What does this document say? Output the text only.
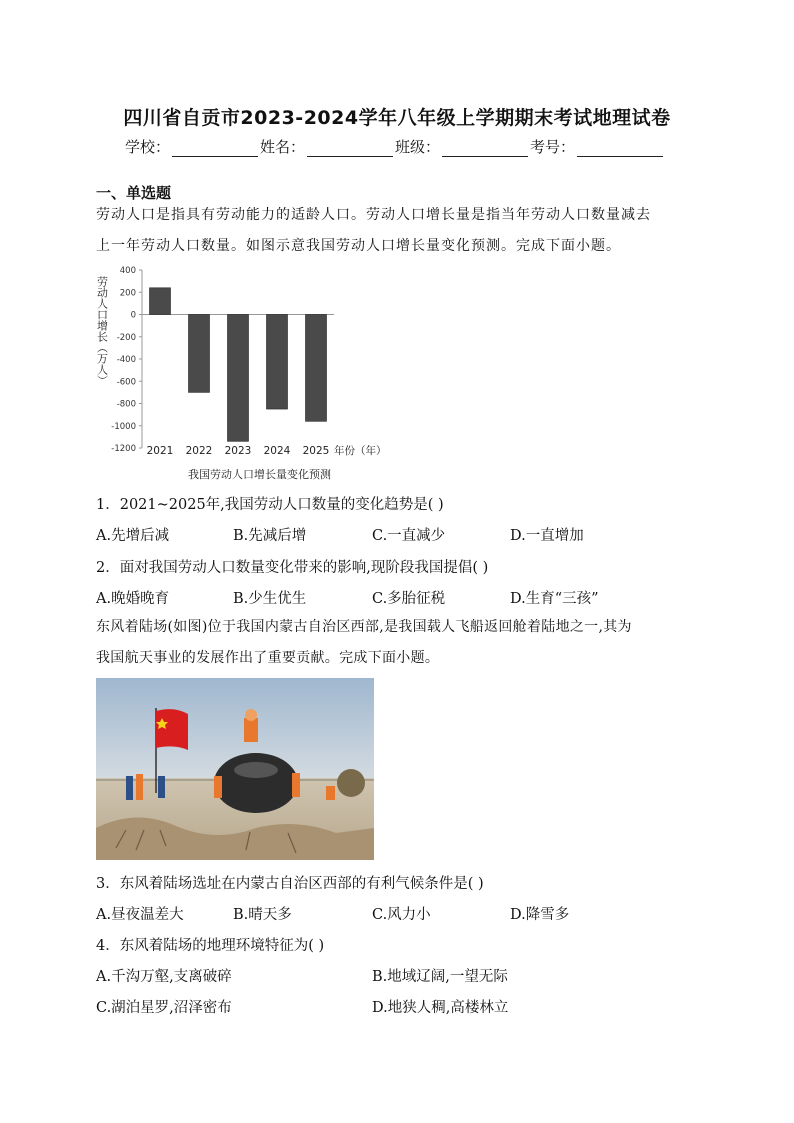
四川省自贡市2023-2024学年八年级上学期期末考试地理试卷
学校：	姓名：	班级：	考号：
一、单选题
劳动人口是指具有劳动能力的适龄人口。劳动人口增长量是指当年劳动人口数量减去
上一年劳动人口数量。如图示意我国劳动人口增长量变化预测。完成下面小题。
400
200
0
-200
-400
-600
-800
-1000
-1200 2021 2022 2023 2024 2025 年份（年）
劳动人口增长（万人）
我国劳动人口增长量变化预测
1．2021~2025年,我国劳动人口数量的变化趋势是( )
A.先增后减	B.先减后增	C.一直减少	D.一直增加
2．面对我国劳动人口数量变化带来的影响,现阶段我国提倡( )
A.晚婚晚育	B.少生优生	C.多胎征税	D.生育“三孩”
东风着陆场(如图)位于我国内蒙古自治区西部,是我国载人飞船返回舱着陆地之一,其为
我国航天事业的发展作出了重要贡献。完成下面小题。
3．东风着陆场选址在内蒙古自治区西部的有利气候条件是( )
A.昼夜温差大	B.晴天多	C.风力小	D.降雪多
4．东风着陆场的地理环境特征为( )
A.千沟万壑,支离破碎	B.地域辽阔,一望无际
C.湖泊星罗,沼泽密布	D.地狭人稠,高楼林立
